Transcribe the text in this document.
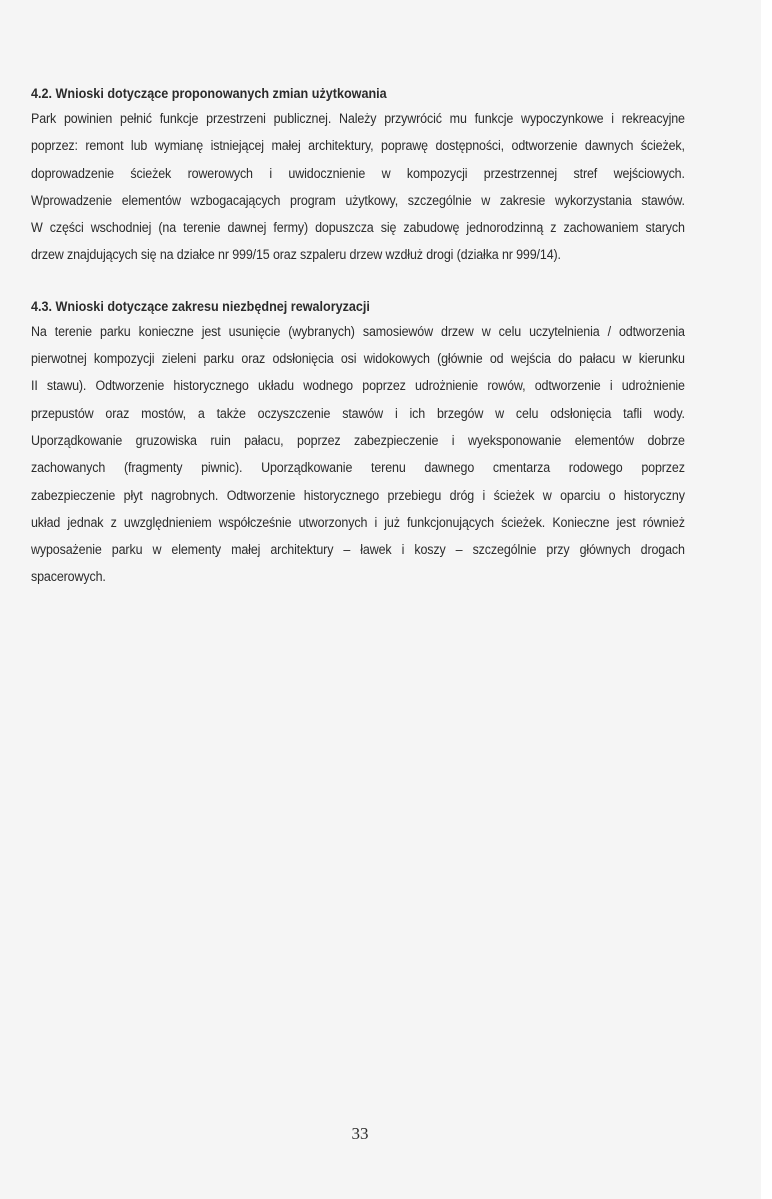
4.2. Wnioski dotyczące proponowanych zmian użytkowania
Park powinien pełnić funkcje przestrzeni publicznej. Należy przywrócić mu funkcje wypoczynkowe i rekreacyjne
poprzez: remont lub wymianę istniejącej małej architektury, poprawę dostępności, odtworzenie dawnych ścieżek,
doprowadzenie ścieżek rowerowych i uwidocznienie w kompozycji przestrzennej stref wejściowych.
Wprowadzenie elementów wzbogacających program użytkowy, szczególnie w zakresie wykorzystania stawów.
W części wschodniej (na terenie dawnej fermy) dopuszcza się zabudowę jednorodzinną z zachowaniem starych
drzew znajdujących się na działce nr 999/15 oraz szpaleru drzew wzdłuż drogi (działka nr 999/14).
4.3. Wnioski dotyczące zakresu niezbędnej rewaloryzacji
Na terenie parku konieczne jest usunięcie (wybranych) samosiewów drzew w celu uczytelnienia / odtworzenia
pierwotnej kompozycji zieleni parku oraz odsłonięcia osi widokowych (głównie od wejścia do pałacu w kierunku
II stawu). Odtworzenie historycznego układu wodnego poprzez udrożnienie rowów, odtworzenie i udrożnienie
przepustów oraz mostów, a także oczyszczenie stawów i ich brzegów w celu odsłonięcia tafli wody.
Uporządkowanie gruzowiska ruin pałacu, poprzez zabezpieczenie i wyeksponowanie elementów dobrze
zachowanych (fragmenty piwnic). Uporządkowanie terenu dawnego cmentarza rodowego poprzez
zabezpieczenie płyt nagrobnych. Odtworzenie historycznego przebiegu dróg i ścieżek w oparciu o historyczny
układ jednak z uwzględnieniem współcześnie utworzonych i już funkcjonujących ścieżek. Konieczne jest również
wyposażenie parku w elementy małej architektury – ławek i koszy – szczególnie przy głównych drogach
spacerowych.
33
